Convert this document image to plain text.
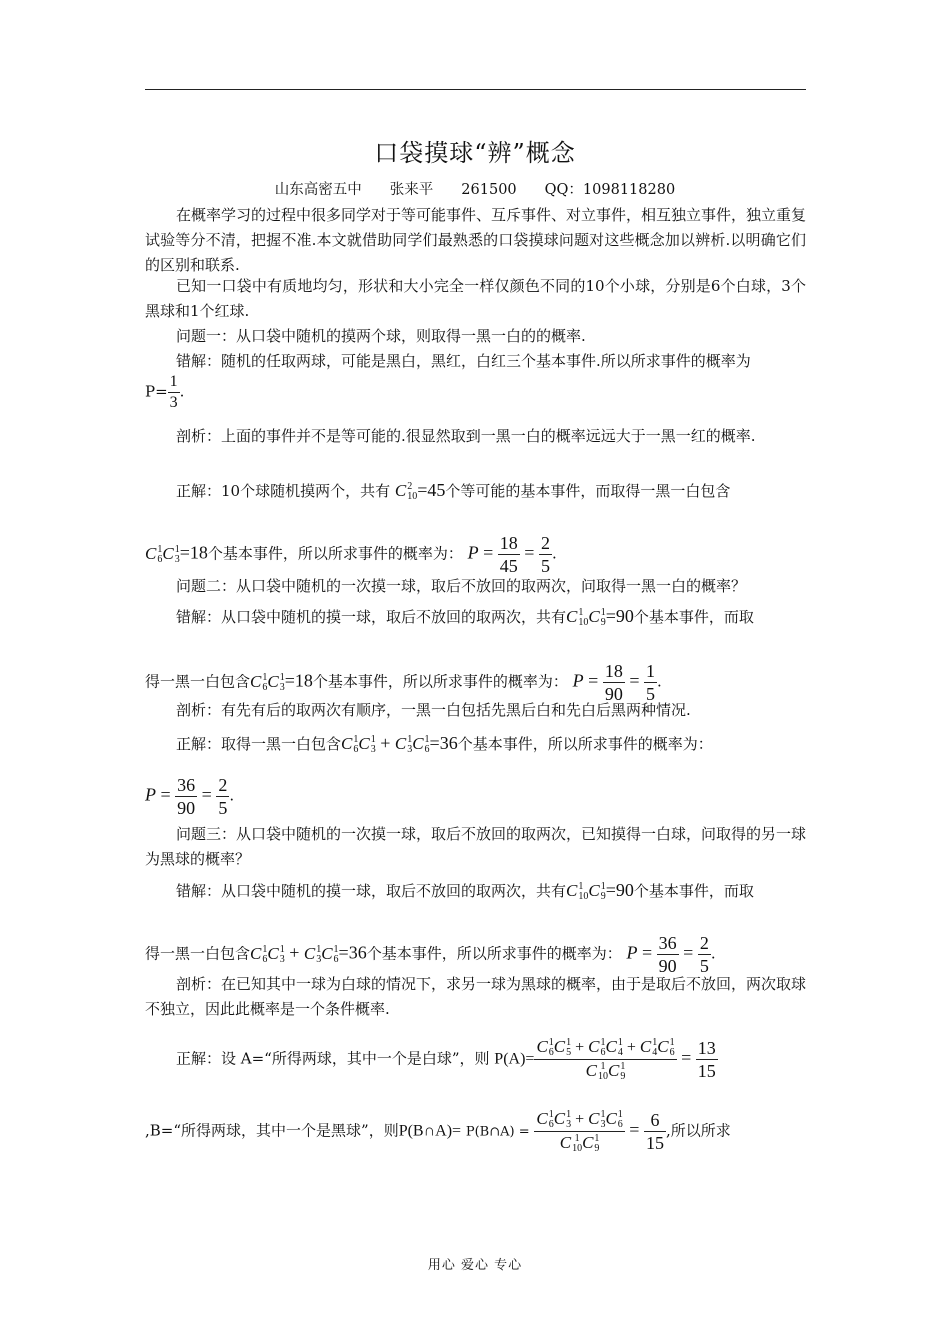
口袋摸球“辨”概念
山东高密五中 张来平 261500 QQ：1098118280
在概率学习的过程中很多同学对于等可能事件、互斥事件、对立事件，相互独立事件，独立重复试验等分不清，把握不准.本文就借助同学们最熟悉的口袋摸球问题对这些概念加以辨析.以明确它们的区别和联系.
已知一口袋中有质地均匀，形状和大小完全一样仅颜色不同的10个小球，分别是6个白球，3个黑球和1个红球.
问题一：从口袋中随机的摸两个球，则取得一黑一白的的概率.
错解：随机的任取两球，可能是黑白，黑红，白红三个基本事件.所以所求事件的概率为
$P= \frac{1}{3}$ .
剖析：上面的事件并不是等可能的.很显然取到一黑一白的概率远远大于一黑一红的概率.
正解：10个球随机摸两个，共有 C 2
10 =45个等可能的基本事件，而取得一黑一白包含
C 1
6 C 1
3 =18个基本事件，所以所求事件的概率为： $P = \frac{18}{45} = \frac{2}{5}$ .
问题二：从口袋中随机的一次摸一球，取后不放回的取两次，问取得一黑一白的概率？
错解：从口袋中随机的摸一球，取后不放回的取两次，共有C 1
10 C 1
9 =90个基本事件，而取
得一黑一白包含C 1
6 C 1
3 =18个基本事件，所以所求事件的概率为： $P = \frac{18}{90} = \frac{1}{5}$ .
剖析：有先有后的取两次有顺序，一黑一白包括先黑后白和先白后黑两种情况.
正解：取得一黑一白包含C 1
6 C 1
3 + C 1
3 C 1
6 =36个基本事件，所以所求事件的概率为：
$P = \frac{36}{90} = \frac{2}{5}$ .
问题三：从口袋中随机的一次摸一球，取后不放回的取两次，已知摸得一白球，问取得的另一球为黑球的概率？
错解：从口袋中随机的摸一球，取后不放回的取两次，共有C 1
10 C 1
9 =90个基本事件，而取
得一黑一白包含C 1
6 C 1
3 + C 1
3 C 1
6 =36个基本事件，所以所求事件的概率为： $P = \frac{36}{90} = \frac{2}{5}$ .
剖析：在已知其中一球为白球的情况下，求另一球为黑球的概率，由于是取后不放回，两次取球不独立，因此此概率是一个条件概率.
正解：设 A=“所得两球，其中一个是白球”，则 P(A)= C 1
6 C 1
5 + C 1
6 C 1
4 + C 1
4 C 1
6
C 1
10 C 1
$9 = \frac{13}{15}$
,B=“所得两球，其中一个是黑球”，则P(B∩A)= P(B∩A) = C 1
6 C 1
3 + C 1
3 C 1
6
C 1
10 C 1
$9 = \frac{6}{15}$ ,所以所求
用心 爱心 专心
